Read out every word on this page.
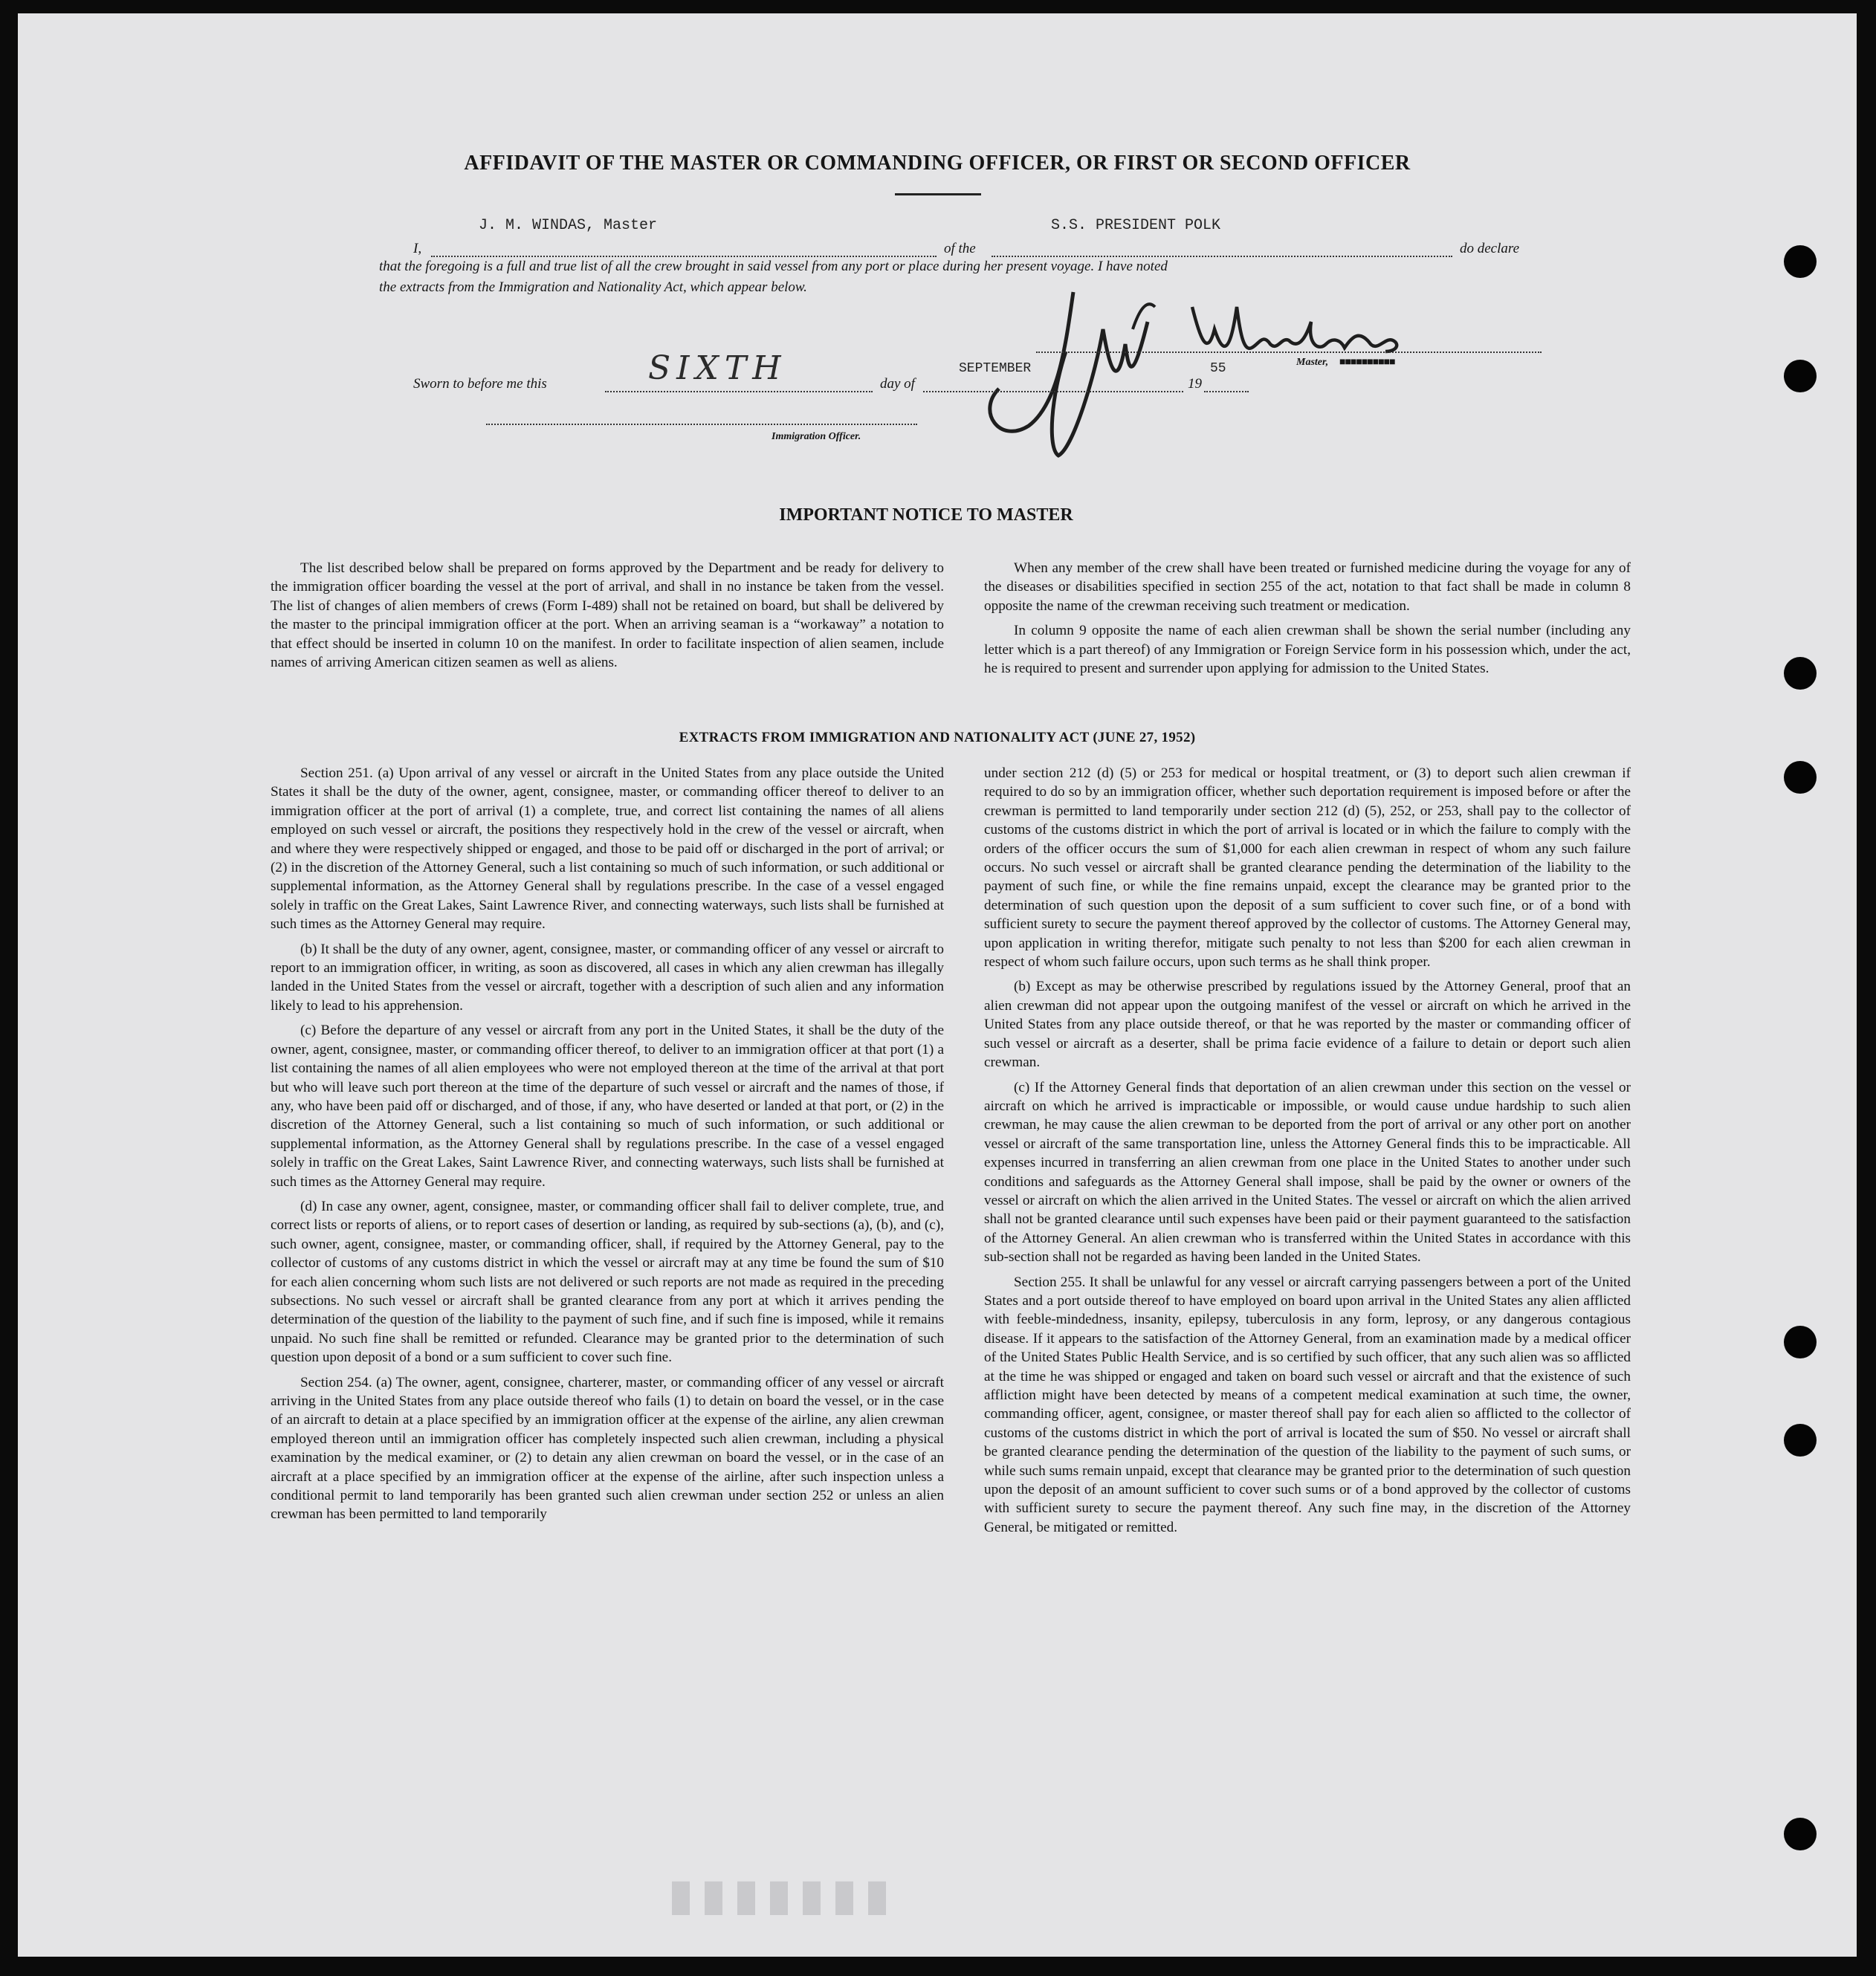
███████
AFFIDAVIT OF THE MASTER OR COMMANDING OFFICER, OR FIRST OR SECOND OFFICER
I,
J. M. WINDAS, Master
of the
S.S. PRESIDENT POLK
do declare
that the foregoing is a full and true list of all the crew brought in said vessel from any port or place during her present voyage. I have noted
the extracts from the Immigration and Nationality Act, which appear below.
Master, ■■■■■■■■■■
Sworn to before me this	SIXTH	day of
SEPTEMBER
19
55
Immigration Officer.
IMPORTANT NOTICE TO MASTER

The list described below shall be prepared on forms approved by the Department and be ready for delivery to the immigration officer boarding the vessel at the port of arrival, and shall in no instance be taken from the vessel. The list of changes of alien members of crews (Form I-489) shall not be retained on board, but shall be delivered by the master to the principal immigration officer at the port. When an arriving seaman is a “workaway” a notation to that effect should be inserted in column 10 on the manifest. In order to facilitate inspection of alien seamen, include names of arriving American citizen seamen as well as aliens.

When any member of the crew shall have been treated or furnished medicine during the voyage for any of the diseases or disabilities specified in section 255 of the act, notation to that fact shall be made in column 8 opposite the name of the crewman receiving such treatment or medication.

In column 9 opposite the name of each alien crewman shall be shown the serial number (including any letter which is a part thereof) of any Immigration or Foreign Service form in his possession which, under the act, he is required to present and surrender upon applying for admission to the United States.

EXTRACTS FROM IMMIGRATION AND NATIONALITY ACT (JUNE 27, 1952)

Section 251. (a) Upon arrival of any vessel or aircraft in the United States from any place outside the United States it shall be the duty of the owner, agent, consignee, master, or commanding officer thereof to deliver to an immigration officer at the port of arrival (1) a complete, true, and correct list containing the names of all aliens employed on such vessel or aircraft, the positions they respectively hold in the crew of the vessel or aircraft, when and where they were respectively shipped or engaged, and those to be paid off or discharged in the port of arrival; or (2) in the discretion of the Attorney General, such a list containing so much of such information, or such additional or supplemental information, as the Attorney General shall by regulations prescribe. In the case of a vessel engaged solely in traffic on the Great Lakes, Saint Lawrence River, and connecting waterways, such lists shall be furnished at such times as the Attorney General may require.

(b) It shall be the duty of any owner, agent, consignee, master, or commanding officer of any vessel or aircraft to report to an immigration officer, in writing, as soon as discovered, all cases in which any alien crewman has illegally landed in the United States from the vessel or aircraft, together with a description of such alien and any information likely to lead to his apprehension.

(c) Before the departure of any vessel or aircraft from any port in the United States, it shall be the duty of the owner, agent, consignee, master, or commanding officer thereof, to deliver to an immigration officer at that port (1) a list containing the names of all alien employees who were not employed thereon at the time of the arrival at that port but who will leave such port thereon at the time of the departure of such vessel or aircraft and the names of those, if any, who have been paid off or discharged, and of those, if any, who have deserted or landed at that port, or (2) in the discretion of the Attorney General, such a list containing so much of such information, or such additional or supplemental information, as the Attorney General shall by regulations prescribe. In the case of a vessel engaged solely in traffic on the Great Lakes, Saint Lawrence River, and connecting waterways, such lists shall be furnished at such times as the Attorney General may require.

(d) In case any owner, agent, consignee, master, or commanding officer shall fail to deliver complete, true, and correct lists or reports of aliens, or to report cases of desertion or landing, as required by sub-sections (a), (b), and (c), such owner, agent, consignee, master, or commanding officer, shall, if required by the Attorney General, pay to the collector of customs of any customs district in which the vessel or aircraft may at any time be found the sum of $10 for each alien concerning whom such lists are not delivered or such reports are not made as required in the preceding subsections. No such vessel or aircraft shall be granted clearance from any port at which it arrives pending the determination of the question of the liability to the payment of such fine, and if such fine is imposed, while it remains unpaid. No such fine shall be remitted or refunded. Clearance may be granted prior to the determination of such question upon deposit of a bond or a sum sufficient to cover such fine.

Section 254. (a) The owner, agent, consignee, charterer, master, or commanding officer of any vessel or aircraft arriving in the United States from any place outside thereof who fails (1) to detain on board the vessel, or in the case of an aircraft to detain at a place specified by an immigration officer at the expense of the airline, any alien crewman employed thereon until an immigration officer has completely inspected such alien crewman, including a physical examination by the medical examiner, or (2) to detain any alien crewman on board the vessel, or in the case of an aircraft at a place specified by an immigration officer at the expense of the airline, after such inspection unless a conditional permit to land temporarily has been granted such alien crewman under section 252 or unless an alien crewman has been permitted to land temporarily

under section 212 (d) (5) or 253 for medical or hospital treatment, or (3) to deport such alien crewman if required to do so by an immigration officer, whether such deportation requirement is imposed before or after the crewman is permitted to land temporarily under section 212 (d) (5), 252, or 253, shall pay to the collector of customs of the customs district in which the port of arrival is located or in which the failure to comply with the orders of the officer occurs the sum of $1,000 for each alien crewman in respect of whom any such failure occurs. No such vessel or aircraft shall be granted clearance pending the determination of the liability to the payment of such fine, or while the fine remains unpaid, except the clearance may be granted prior to the determination of such question upon the deposit of a sum sufficient to cover such fine, or of a bond with sufficient surety to secure the payment thereof approved by the collector of customs. The Attorney General may, upon application in writing therefor, mitigate such penalty to not less than $200 for each alien crewman in respect of whom such failure occurs, upon such terms as he shall think proper.

(b) Except as may be otherwise prescribed by regulations issued by the Attorney General, proof that an alien crewman did not appear upon the outgoing manifest of the vessel or aircraft on which he arrived in the United States from any place outside thereof, or that he was reported by the master or commanding officer of such vessel or aircraft as a deserter, shall be prima facie evidence of a failure to detain or deport such alien crewman.

(c) If the Attorney General finds that deportation of an alien crewman under this section on the vessel or aircraft on which he arrived is impracticable or impossible, or would cause undue hardship to such alien crewman, he may cause the alien crewman to be deported from the port of arrival or any other port on another vessel or aircraft of the same transportation line, unless the Attorney General finds this to be impracticable. All expenses incurred in transferring an alien crewman from one place in the United States to another under such conditions and safeguards as the Attorney General shall impose, shall be paid by the owner or owners of the vessel or aircraft on which the alien arrived in the United States. The vessel or aircraft on which the alien arrived shall not be granted clearance until such expenses have been paid or their payment guaranteed to the satisfaction of the Attorney General. An alien crewman who is transferred within the United States in accordance with this sub-section shall not be regarded as having been landed in the United States.

Section 255. It shall be unlawful for any vessel or aircraft carrying passengers between a port of the United States and a port outside thereof to have employed on board upon arrival in the United States any alien afflicted with feeble-mindedness, insanity, epilepsy, tuberculosis in any form, leprosy, or any dangerous contagious disease. If it appears to the satisfaction of the Attorney General, from an examination made by a medical officer of the United States Public Health Service, and is so certified by such officer, that any such alien was so afflicted at the time he was shipped or engaged and taken on board such vessel or aircraft and that the existence of such affliction might have been detected by means of a competent medical examination at such time, the owner, commanding officer, agent, consignee, or master thereof shall pay for each alien so afflicted to the collector of customs of the customs district in which the port of arrival is located the sum of $50. No vessel or aircraft shall be granted clearance pending the determination of the question of the liability to the payment of such sums, or while such sums remain unpaid, except that clearance may be granted prior to the determination of such question upon the deposit of an amount sufficient to cover such sums or of a bond approved by the collector of customs with sufficient surety to secure the payment thereof. Any such fine may, in the discretion of the Attorney General, be mitigated or remitted.
